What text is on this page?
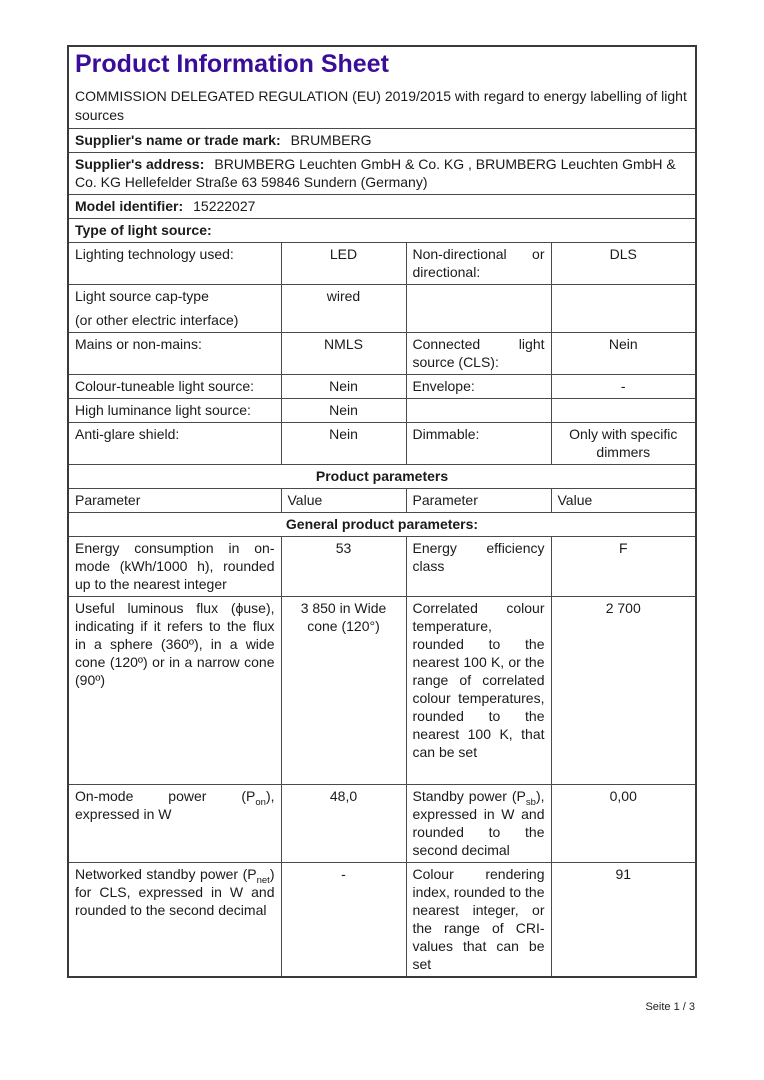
Product Information Sheet

COMMISSION DELEGATED REGULATION (EU) 2019/2015 with regard to energy labelling of light sources

Supplier's name or trade mark: BRUMBERG			
Supplier's address: BRUMBERG Leuchten GmbH & Co. KG , BRUMBERG Leuchten GmbH & Co. KG Hellefelder Straße 63 59846 Sundern (Germany)			
Model identifier: 15222027			
Type of light source:			
Lighting technology used:	LED	Non-directional or directional:	DLS

Light source cap-type
(or other electric interface)	wired		
Mains or non-mains:	NMLS	Connected light source (CLS):	Nein
Colour-tuneable light source:	Nein	Envelope:	-
High luminance light source:	Nein		
Anti-glare shield:	Nein	Dimmable:	Only with specific dimmers
Product parameters			
Parameter	Value	Parameter	Value
General product parameters:			
Energy consumption in on-mode (kWh/1000 h), rounded up to the nearest integer	53	Energy efficiency class	F
Useful luminous flux (ϕuse), indicating if it refers to the flux in a sphere (360º), in a wide cone (120º) or in a narrow cone (90º)	3 850 in Wide cone (120°)	Correlated colour temperature, rounded to the nearest 100 K, or the range of correlated colour temperatures, rounded to the nearest 100 K, that can be set	2 700
On-mode power $(P_{on})$, expressed in W	48,0	Standby power $(P_{sb})$, expressed in W and rounded to the second decimal	0,00
Networked standby power $(P_{net})$ for CLS, expressed in W and rounded to the second decimal	-	Colour rendering index, rounded to the nearest integer, or the range of CRI-values that can be set	91
Seite 1 / 3
